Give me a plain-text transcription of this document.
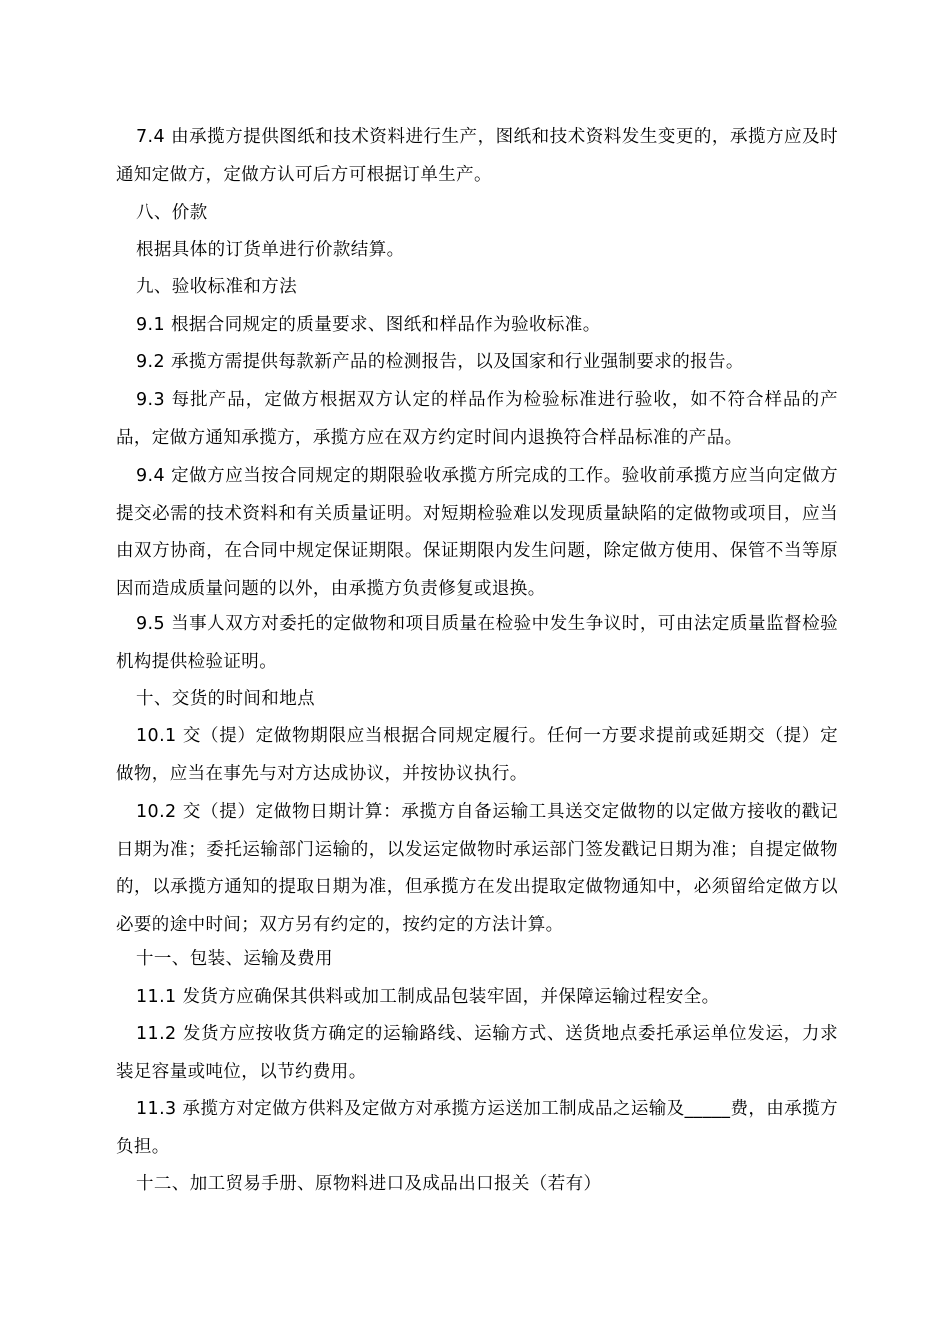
7.4 由承揽方提供图纸和技术资料进行生产，图纸和技术资料发生变更的，承揽方应及时通知定做方，定做方认可后方可根据订单生产。

八、价款

根据具体的订货单进行价款结算。

九、验收标准和方法

9.1 根据合同规定的质量要求、图纸和样品作为验收标准。

9.2 承揽方需提供每款新产品的检测报告，以及国家和行业强制要求的报告。

9.3 每批产品，定做方根据双方认定的样品作为检验标准进行验收，如不符合样品的产品，定做方通知承揽方，承揽方应在双方约定时间内退换符合样品标准的产品。

9.4 定做方应当按合同规定的期限验收承揽方所完成的工作。验收前承揽方应当向定做方提交必需的技术资料和有关质量证明。对短期检验难以发现质量缺陷的定做物或项目，应当由双方协商，在合同中规定保证期限。保证期限内发生问题，除定做方使用、保管不当等原因而造成质量问题的以外，由承揽方负责修复或退换。

9.5 当事人双方对委托的定做物和项目质量在检验中发生争议时，可由法定质量监督检验机构提供检验证明。

十、交货的时间和地点

10.1 交（提）定做物期限应当根据合同规定履行。任何一方要求提前或延期交（提）定做物，应当在事先与对方达成协议，并按协议执行。

10.2 交（提）定做物日期计算：承揽方自备运输工具送交定做物的以定做方接收的戳记日期为准；委托运输部门运输的，以发运定做物时承运部门签发戳记日期为准；自提定做物的，以承揽方通知的提取日期为准，但承揽方在发出提取定做物通知中，必须留给定做方以必要的途中时间；双方另有约定的，按约定的方法计算。

十一、包装、运输及费用

11.1 发货方应确保其供料或加工制成品包装牢固，并保障运输过程安全。

11.2 发货方应按收货方确定的运输路线、运输方式、送货地点委托承运单位发运，力求装足容量或吨位，以节约费用。

11.3 承揽方对定做方供料及定做方对承揽方运送加工制成品之运输及_____费，由承揽方负担。

十二、加工贸易手册、原物料进口及成品出口报关（若有）
